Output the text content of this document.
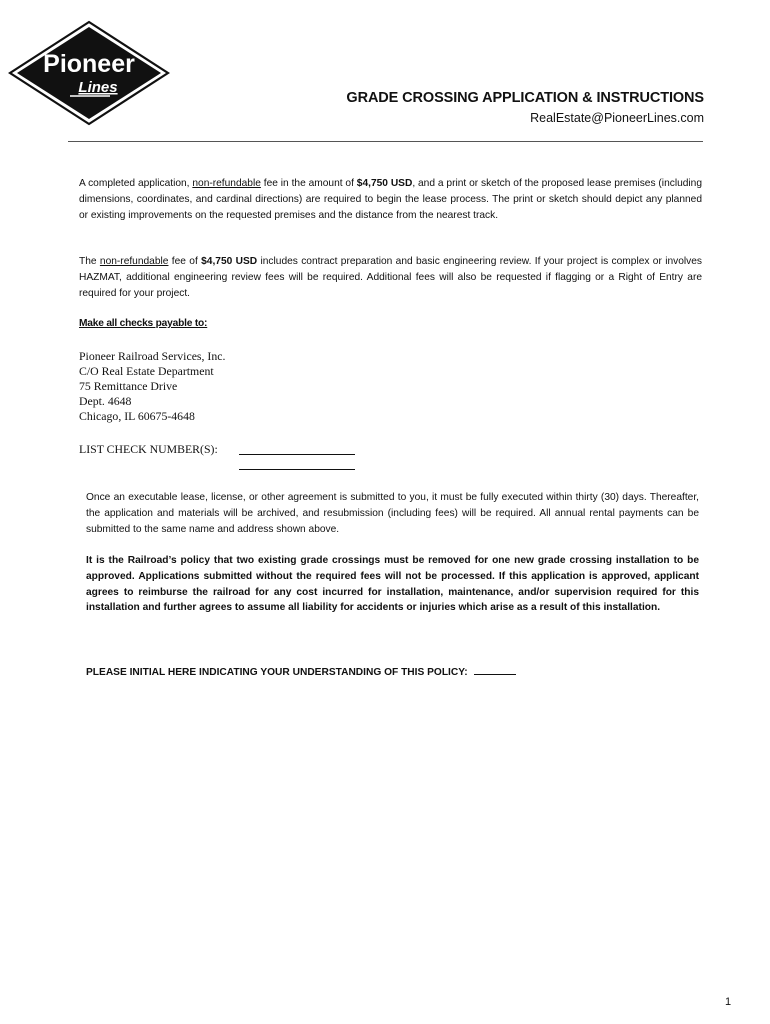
Pioneer
Lines
GRADE CROSSING APPLICATION & INSTRUCTIONS
RealEstate@PioneerLines.com
A completed application, non-refundable fee in the amount of $4,750 USD, and a print or sketch of the proposed lease premises (including dimensions, coordinates, and cardinal directions) are required to begin the lease process. The print or sketch should depict any planned or existing improvements on the requested premises and the distance from the nearest track.
The non-refundable fee of $4,750 USD includes contract preparation and basic engineering review. If your project is complex or involves HAZMAT, additional engineering review fees will be required. Additional fees will also be requested if flagging or a Right of Entry are required for your project.
Make all checks payable to:
Pioneer Railroad Services, Inc.
C/O Real Estate Department
75 Remittance Drive
Dept. 4648
Chicago, IL 60675-4648
LIST CHECK NUMBER(S):
Once an executable lease, license, or other agreement is submitted to you, it must be fully executed within thirty (30) days. Thereafter, the application and materials will be archived, and resubmission (including fees) will be required. All annual rental payments can be submitted to the same name and address shown above.
It is the Railroad’s policy that two existing grade crossings must be removed for one new grade crossing installation to be approved. Applications submitted without the required fees will not be processed. If this application is approved, applicant agrees to reimburse the railroad for any cost incurred for installation, maintenance, and/or supervision required for this installation and further agrees to assume all liability for accidents or injuries which arise as a result of this installation.
PLEASE INITIAL HERE INDICATING YOUR UNDERSTANDING OF THIS POLICY:
1
